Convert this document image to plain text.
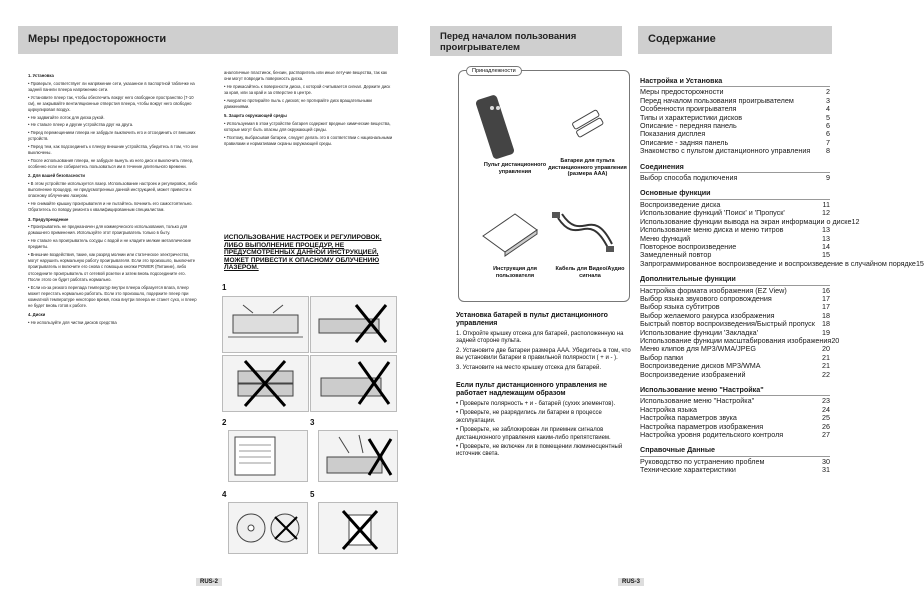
Меры предосторожности

1. Установка

• Проверьте, соответствует ли напряжение сети, указанное в паспортной табличке на задней панели плеера напряжению сети.

• Установите плеер так, чтобы обеспечить вокруг него свободное пространство (7-10 см), не закрывайте вентиляционные отверстия плеера, чтобы вокруг него свободно циркулировал воздух.

• Не задвигайте лоток для диска рукой.

• Не ставьте плеер и другие устройства друг на друга.

• Перед перемещением плеера не забудьте выключить его и отсоединить от внешних устройств.

• Перед тем, как подсоединить к плееру внешние устройства, убедитесь в том, что они выключены.

• После использования плеера, не забудьте вынуть из него диск и выключить плеер, особенно если не собираетесь пользоваться им в течение длительного времени.

2. Для вашей безопасности

• В этом устройстве используется лазер. Использование настроек и регулировок, либо выполнение процедур, не предусмотренных данной инструкцией, может привести к опасному облучению лазером.

• Не снимайте крышку проигрывателя и не пытайтесь починить его самостоятельно. Обратитесь по поводу ремонта к квалифицированным специалистам.

3. Предупреждение

• Проигрыватель не предназначен для коммерческого использования, только для домашнего применения. Используйте этот проигрыватель только в быту.

• Не ставьте на проигрыватель сосуды с водой и не кладите мелкие металлические предметы.

• Внешние воздействия, такие, как разряд молнии или статическое электричество, могут нарушить нормальную работу проигрывателя. Если это произошло, выключите проигрыватель и включите его снова с помощью кнопки POWER (Питание), либо отсоедините проигрыватель от сетевой розетки и затем вновь подсоедините его. После этого он будет работать нормально.

• Если из-за резкого перепада температур внутри плеера образуется влага, плеер может перестать нормально работать. Если это произошло, подержите плеер при комнатной температуре некоторое время, пока внутри плеера не станет сухо, и плеер не будет вновь готов к работе.

4. Диски

• Не используйте для чистки дисков средства

аналогичные пластинок, бензин, растворитель или иные летучие вещества, так как они могут повредить поверхность диска.

• Не прикасайтесь к поверхности диска, с которой считывается сигнал. Держите диск за края, или за край и за отверстие в центре.

• Аккуратно протирайте пыль с дисков; не протирайте диск вращательными движениями.

5. Защита окружающей среды

• Используемая в этом устройстве батарея содержит вредные химические вещества, которые могут быть опасны для окружающей среды.

• Поэтому, выбрасывая батареи, следует делать это в соответствии с национальными правилами и нормативами охраны окружающей среды.

ИСПОЛЬЗОВАНИЕ НАСТРОЕК И РЕГУЛИРОВОК, ЛИБО ВЫПОЛНЕНИЕ ПРОЦЕДУР, НЕ ПРЕДУСМОТРЕННЫХ ДАННОЙ ИНСТРУКЦИЕЙ, МОЖЕТ ПРИВЕСТИ К ОПАСНОМУ ОБЛУЧЕНИЮ ЛАЗЕРОМ.
1
2	3
4	5
RUS-2
Перед началом пользования проигрывателем
Содержание
Принадлежности
Пульт дистанционного управления
Батареи для пульта дистанционного управления (размера AAA)
Инструкция для пользователя
Кабель для Видео/Аудио сигнала
Установка батарей в пульт дистанционного управления

1. Откройте крышку отсека для батарей, расположенную на задней стороне пульта.

2. Установите две батареи размера AAA. Убедитесь в том, что вы установили батареи в правильной полярности ( + и - ).

3. Установите на место крышку отсека для батарей.

Если пульт дистанционного управления не работает надлежащим образом

• Проверьте полярность + и - батарей (сухих элементов).

• Проверьте, не разрядились ли батареи в процессе эксплуатации.

• Проверьте, не заблокирован ли приемник сигналов дистанционного управления каким-либо препятствием.

• Проверьте, не включен ли в помещении люминесцентный источник света.

Настройка и Установка
Меры предосторожности	2
Перед началом пользования проигрывателем	3
Особенности проигрывателя	4
Типы и характеристики дисков	5
Описание - передняя панель	6
Показания дисплея	6
Описание - задняя панель	7
Знакомство с пультом дистанционного управления 8
Соединения
Выбор способа подключения	9
Основные функции
Воспроизведение диска	11
Использование функций 'Поиск' и 'Пропуск'	12
Использование функции вывода на экран информации о диске 12
Использование меню диска и меню титров	13
Меню функций	13
Повторное воспроизведение	14
Замедленный повтор	15
Запрограммированное воспроизведение и воспроизведение в случайном порядке 15
Дополнительные функции
Настройка формата изображения (EZ View)	16
Выбор языка звукового сопровождения	17
Выбор языка субтитров	17
Выбор желаемого ракурса изображения	18
Быстрый повтор воспроизведения/Быстрый пропуск 18
Использование функции 'Закладка'	19
Использование функции масштабирования изображения 20
Меню клипов для MP3/WMA/JPEG	20
Выбор папки	21
Воспроизведение дисков MP3/WMA	21
Воспроизведение изображений	22
Использование меню "Настройка"
Использование меню "Настройка"	23
Настройка языка	24
Настройка параметров звука	25
Настройка параметров изображения	26
Настройка уровня родительского контроля	27
Справочные Данные
Руководство по устранению проблем	30
Технические характеристики	31
RUS-3
